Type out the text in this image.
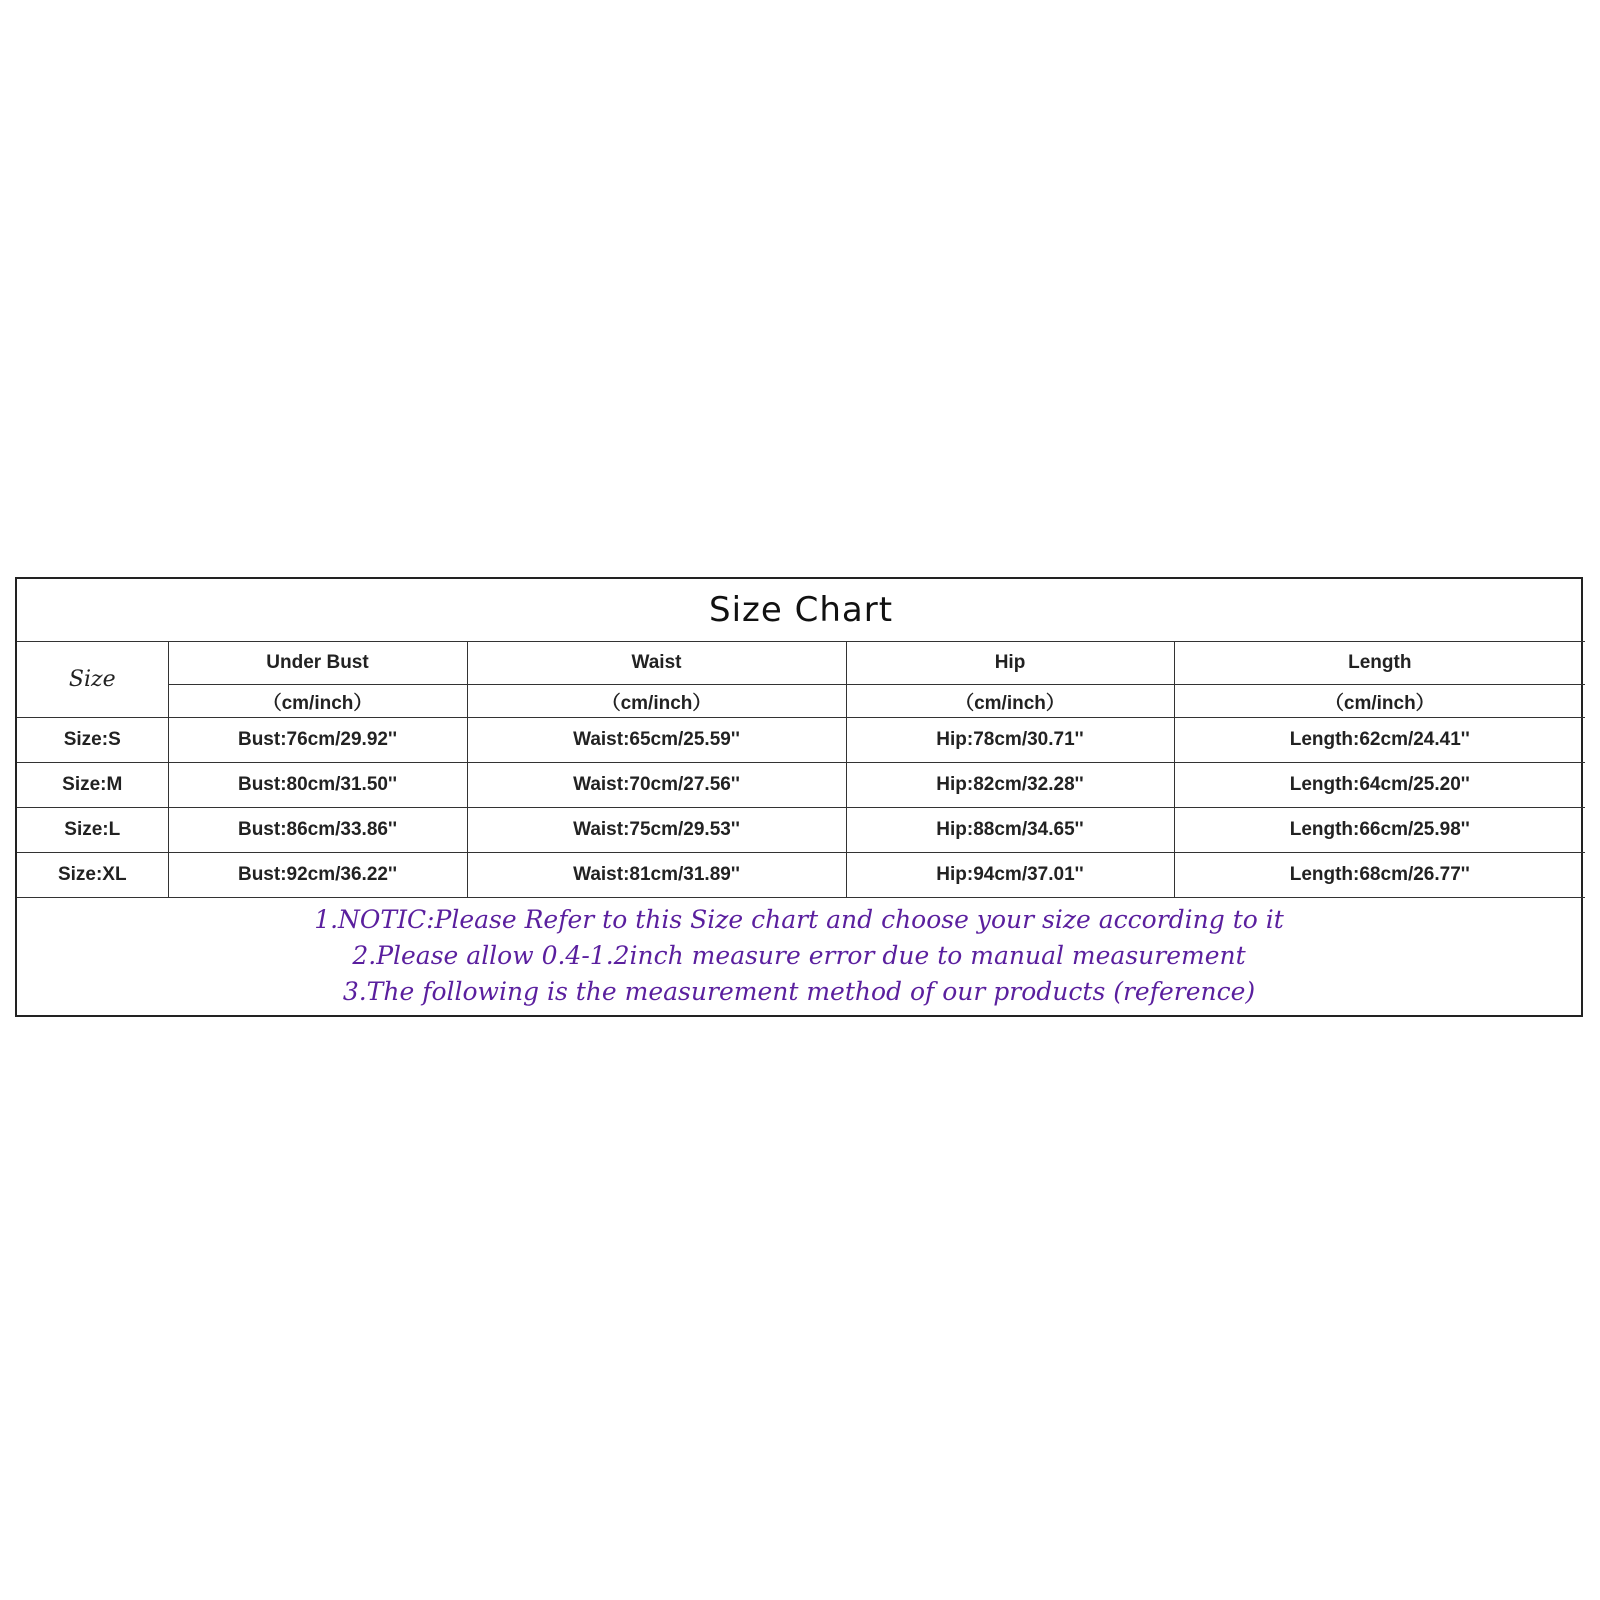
Size Chart				
Size	Under Bust	Waist	Hip	Length
	（cm/inch）	（cm/inch）	（cm/inch）	（cm/inch）
Size:S	Bust:76cm/29.92''	Waist:65cm/25.59''	Hip:78cm/30.71''	Length:62cm/24.41''
Size:M	Bust:80cm/31.50''	Waist:70cm/27.56''	Hip:82cm/32.28''	Length:64cm/25.20''
Size:L	Bust:86cm/33.86''	Waist:75cm/29.53''	Hip:88cm/34.65''	Length:66cm/25.98''
Size:XL	Bust:92cm/36.22''	Waist:81cm/31.89''	Hip:94cm/37.01''	Length:68cm/26.77''
1.NOTIC:Please Refer to this Size chart and choose your size according to it
2.Please allow 0.4-1.2inch measure error due to manual measurement
3.The following is the measurement method of our products (reference)
